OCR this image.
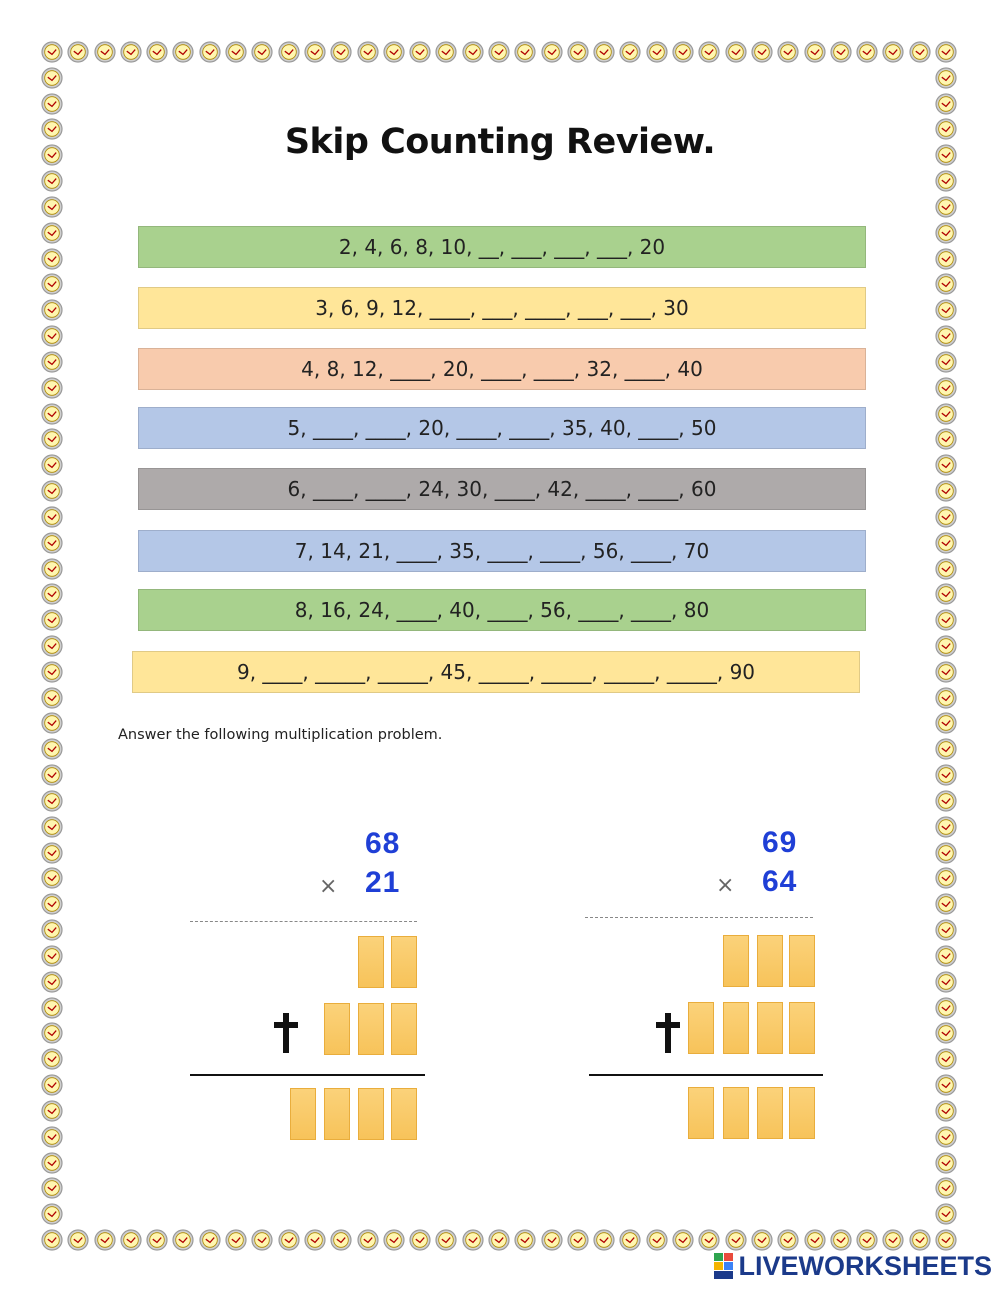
Skip Counting Review.
2, 4, 6, 8, 10, __, ___, ___, ___, 20
3, 6, 9, 12, ____, ___, ____, ___, ___, 30
4, 8, 12, ____, 20, ____, ____, 32, ____, 40
5, ____, ____, 20, ____, ____, 35, 40, ____, 50
6, ____, ____, 24, 30, ____, 42, ____, ____, 60
7, 14, 21, ____, 35, ____, ____, 56, ____, 70
8, 16, 24, ____, 40, ____, 56, ____, ____, 80
9, ____, _____, _____, 45, _____, _____, _____, _____, 90
Answer the following multiplication problem.
68
× 21
69
× 64
LIVEWORKSHEETS
